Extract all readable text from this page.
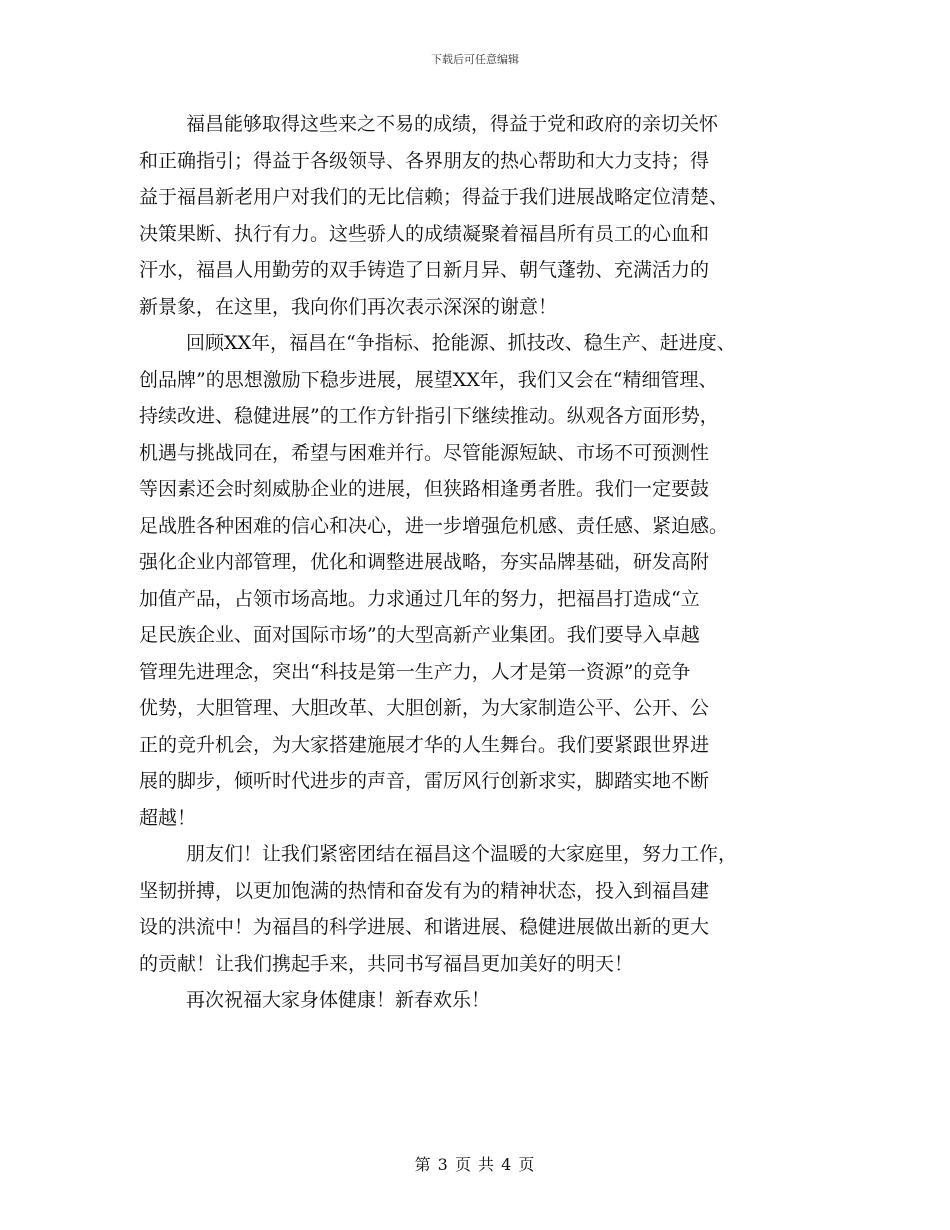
下载后可任意编辑
福昌能够取得这些来之不易的成绩，得益于党和政府的亲切关怀
和正确指引；得益于各级领导、各界朋友的热心帮助和大力支持；得
益于福昌新老用户对我们的无比信赖；得益于我们进展战略定位清楚、
决策果断、执行有力。这些骄人的成绩凝聚着福昌所有员工的心血和
汗水，福昌人用勤劳的双手铸造了日新月异、朝气蓬勃、充满活力的
新景象，在这里，我向你们再次表示深深的谢意！
回顾XX年，福昌在“争指标、抢能源、抓技改、稳生产、赶进度、
创品牌”的思想激励下稳步进展，展望XX年，我们又会在“精细管理、
持续改进、稳健进展”的工作方针指引下继续推动。纵观各方面形势，
机遇与挑战同在，希望与困难并行。尽管能源短缺、市场不可预测性
等因素还会时刻威胁企业的进展，但狭路相逢勇者胜。我们一定要鼓
足战胜各种困难的信心和决心，进一步增强危机感、责任感、紧迫感。
强化企业内部管理，优化和调整进展战略，夯实品牌基础，研发高附
加值产品，占领市场高地。力求通过几年的努力，把福昌打造成“立
足民族企业、面对国际市场”的大型高新产业集团。我们要导入卓越
管理先进理念，突出“科技是第一生产力，人才是第一资源”的竞争
优势，大胆管理、大胆改革、大胆创新，为大家制造公平、公开、公
正的竞升机会，为大家搭建施展才华的人生舞台。我们要紧跟世界进
展的脚步，倾听时代进步的声音，雷厉风行创新求实，脚踏实地不断
超越！
朋友们！让我们紧密团结在福昌这个温暖的大家庭里，努力工作，
坚韧拼搏，以更加饱满的热情和奋发有为的精神状态，投入到福昌建
设的洪流中！为福昌的科学进展、和谐进展、稳健进展做出新的更大
的贡献！让我们携起手来，共同书写福昌更加美好的明天！
再次祝福大家身体健康！新春欢乐！
第 3 页 共 4 页
